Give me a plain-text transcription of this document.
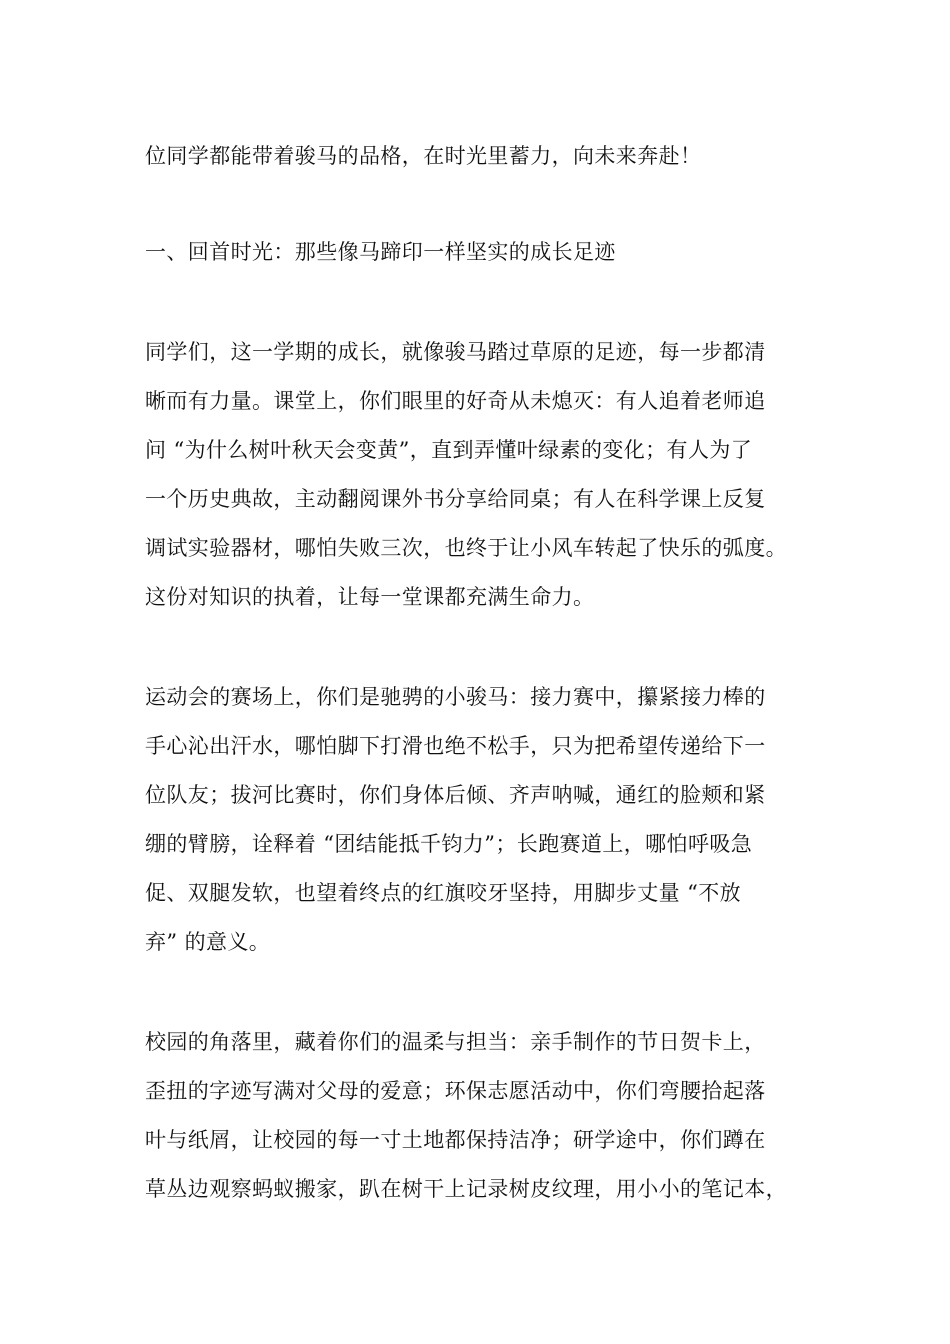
位同学都能带着骏马的品格，在时光里蓄力，向未来奔赴！
一、回首时光：那些像马蹄印一样坚实的成长足迹
同学们，这一学期的成长，就像骏马踏过草原的足迹，每一步都清
晰而有力量。课堂上，你们眼里的好奇从未熄灭：有人追着老师追
问 “为什么树叶秋天会变黄”，直到弄懂叶绿素的变化；有人为了
一个历史典故，主动翻阅课外书分享给同桌；有人在科学课上反复
调试实验器材，哪怕失败三次，也终于让小风车转起了快乐的弧度。
这份对知识的执着，让每一堂课都充满生命力。
运动会的赛场上，你们是驰骋的小骏马：接力赛中，攥紧接力棒的
手心沁出汗水，哪怕脚下打滑也绝不松手，只为把希望传递给下一
位队友；拔河比赛时，你们身体后倾、齐声呐喊，通红的脸颊和紧
绷的臂膀，诠释着 “团结能抵千钧力”；长跑赛道上，哪怕呼吸急
促、双腿发软，也望着终点的红旗咬牙坚持，用脚步丈量 “不放
弃” 的意义。
校园的角落里，藏着你们的温柔与担当：亲手制作的节日贺卡上，
歪扭的字迹写满对父母的爱意；环保志愿活动中，你们弯腰拾起落
叶与纸屑，让校园的每一寸土地都保持洁净；研学途中，你们蹲在
草丛边观察蚂蚁搬家，趴在树干上记录树皮纹理，用小小的笔记本，
